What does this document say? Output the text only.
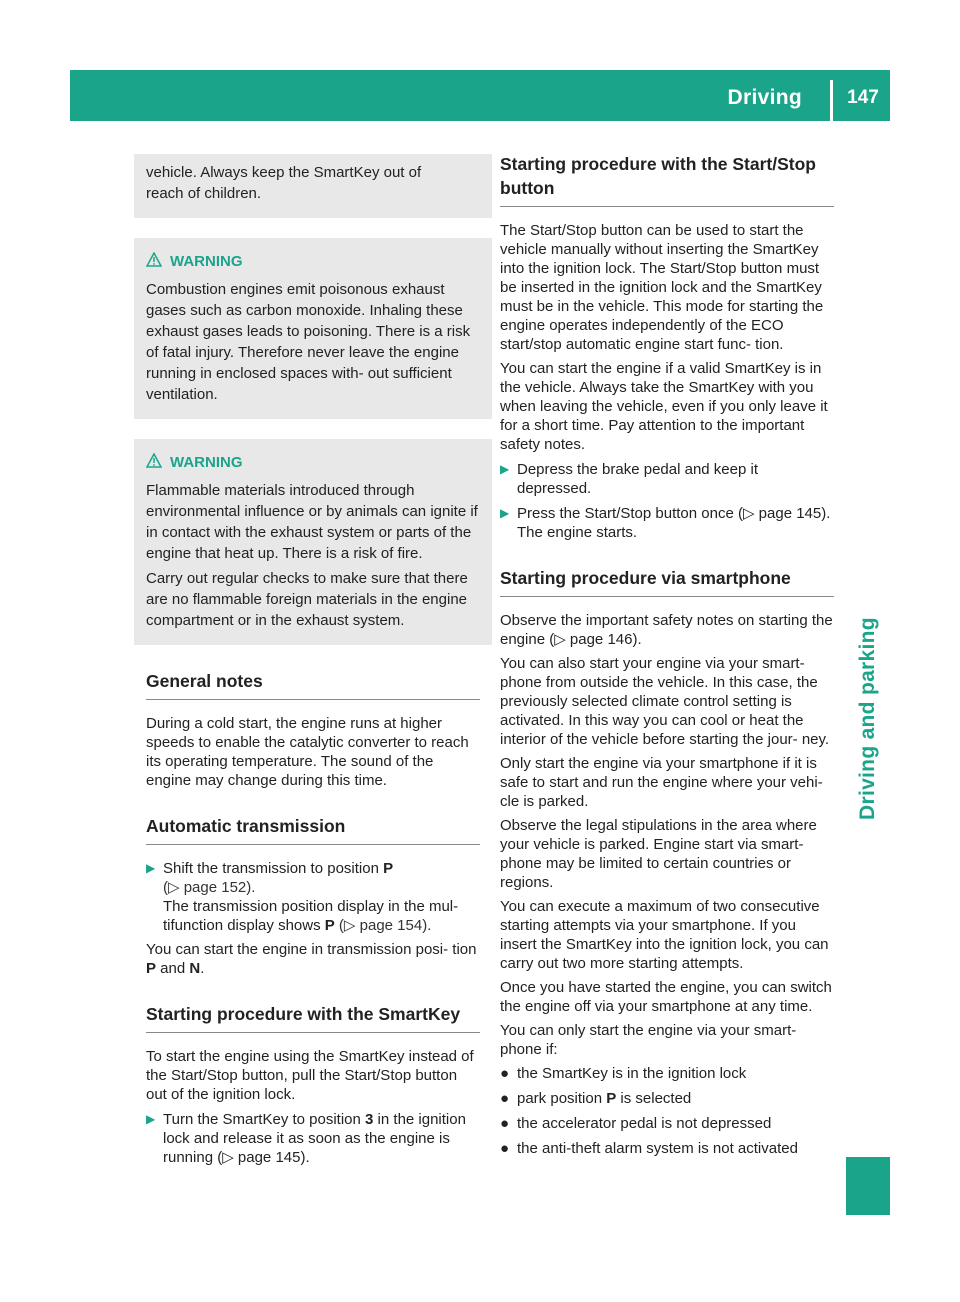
Driving	147
Driving and parking

vehicle. Always keep the SmartKey out of

reach of children.

WARNING

Combustion engines emit poisonous exhaust gases such as carbon monoxide. Inhaling these exhaust gases leads to poisoning. There is a risk of fatal injury. Therefore never leave the engine running in enclosed spaces with- out sufficient ventilation.

WARNING

Flammable materials introduced through environmental influence or by animals can ignite if in contact with the exhaust system or parts of the engine that heat up. There is a risk of fire.

Carry out regular checks to make sure that there are no flammable foreign materials in the engine compartment or in the exhaust system.

General notes

During a cold start, the engine runs at higher speeds to enable the catalytic converter to reach its operating temperature. The sound of the engine may change during this time.

Automatic transmission
▶ Shift the transmission to position P
(▷ page 152).
The transmission position display in the mul- tifunction display shows P (▷ page 154).

You can start the engine in transmission posi- tion P and N.

Starting procedure with the SmartKey

To start the engine using the SmartKey instead of the Start/Stop button, pull the Start/Stop button out of the ignition lock.

▶ Turn the SmartKey to position 3 in the ignition lock and release it as soon as the engine is running (▷ page 145).
Starting procedure with the Start/Stop button

The Start/Stop button can be used to start the vehicle manually without inserting the SmartKey into the ignition lock. The Start/Stop button must be inserted in the ignition lock and the SmartKey must be in the vehicle. This mode for starting the engine operates independently of the ECO start/stop automatic engine start func- tion.

You can start the engine if a valid SmartKey is in the vehicle. Always take the SmartKey with you when leaving the vehicle, even if you only leave it for a short time. Pay attention to the important safety notes.

▶ Depress the brake pedal and keep it depressed.
▶ Press the Start/Stop button once (▷ page 145).
The engine starts.
Starting procedure via smartphone

Observe the important safety notes on starting the engine (▷ page 146).

You can also start your engine via your smart- phone from outside the vehicle. In this case, the previously selected climate control setting is activated. In this way you can cool or heat the interior of the vehicle before starting the jour- ney.

Only start the engine via your smartphone if it is safe to start and run the engine where your vehi- cle is parked.

Observe the legal stipulations in the area where your vehicle is parked. Engine start via smart- phone may be limited to certain countries or regions.

You can execute a maximum of two consecutive starting attempts via your smartphone. If you insert the SmartKey into the ignition lock, you can carry out two more starting attempts.

Once you have started the engine, you can switch the engine off via your smartphone at any time.

You can only start the engine via your smart- phone if:

● the SmartKey is in the ignition lock
● park position P is selected
● the accelerator pedal is not depressed
● the anti-theft alarm system is not activated
